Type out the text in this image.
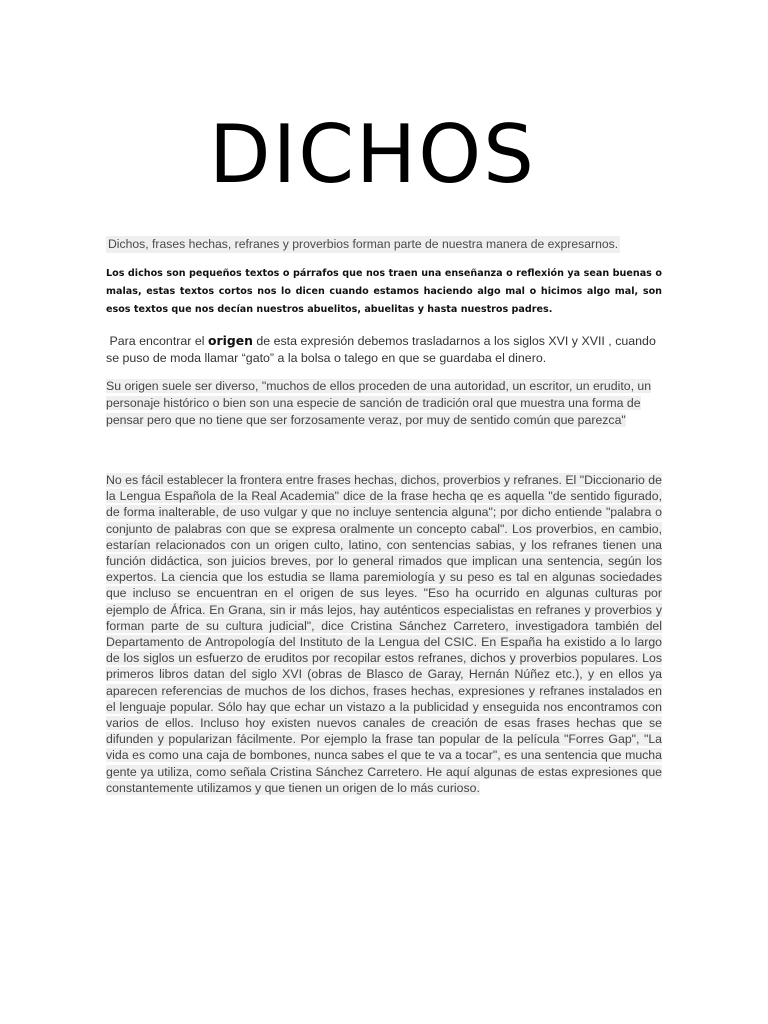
DICHOS

Dichos, frases hechas, refranes y proverbios forman parte de nuestra manera de expresarnos.

Los dichos son pequeños textos o párrafos que nos traen una enseñanza o reflexión ya sean buenas o malas, estas textos cortos nos lo dicen cuando estamos haciendo algo mal o hicimos algo mal, son esos textos que nos decían nuestros abuelitos, abuelitas y hasta nuestros padres.

Para encontrar el origen de esta expresión debemos trasladarnos a los siglos XVI y XVII , cuando se puso de moda llamar “gato” a la bolsa o talego en que se guardaba el dinero.

Su origen suele ser diverso, "muchos de ellos proceden de una autoridad, un escritor, un erudito, un personaje histórico o bien son una especie de sanción de tradición oral que muestra una forma de pensar pero que no tiene que ser forzosamente veraz, por muy de sentido común que parezca"

No es fácil establecer la frontera entre frases hechas, dichos, proverbios y refranes. El "Diccionario de la Lengua Española de la Real Academia" dice de la frase hecha qe es aquella "de sentido figurado, de forma inalterable, de uso vulgar y que no incluye sentencia alguna"; por dicho entiende "palabra o conjunto de palabras con que se expresa oralmente un concepto cabal". Los proverbios, en cambio, estarían relacionados con un origen culto, latino, con sentencias sabias, y los refranes tienen una función didáctica, son juicios breves, por lo general rimados que implican una sentencia, según los expertos. La ciencia que los estudia se llama paremiología y su peso es tal en algunas sociedades que incluso se encuentran en el origen de sus leyes. "Eso ha ocurrido en algunas culturas por ejemplo de África. En Grana, sin ir más lejos, hay auténticos especialistas en refranes y proverbios y forman parte de su cultura judicial", dice Cristina Sánchez Carretero, investigadora también del Departamento de Antropología del Instituto de la Lengua del CSIC. En España ha existido a lo largo de los siglos un esfuerzo de eruditos por recopilar estos refranes, dichos y proverbios populares. Los primeros libros datan del siglo XVI (obras de Blasco de Garay, Hernán Núñez etc.), y en ellos ya aparecen referencias de muchos de los dichos, frases hechas, expresiones y refranes instalados en el lenguaje popular. Sólo hay que echar un vistazo a la publicidad y enseguida nos encontramos con varios de ellos. Incluso hoy existen nuevos canales de creación de esas frases hechas que se difunden y popularizan fácilmente. Por ejemplo la frase tan popular de la película "Forres Gap", "La vida es como una caja de bombones, nunca sabes el que te va a tocar", es una sentencia que mucha gente ya utiliza, como señala Cristina Sánchez Carretero. He aquí algunas de estas expresiones que constantemente utilizamos y que tienen un origen de lo más curioso.
